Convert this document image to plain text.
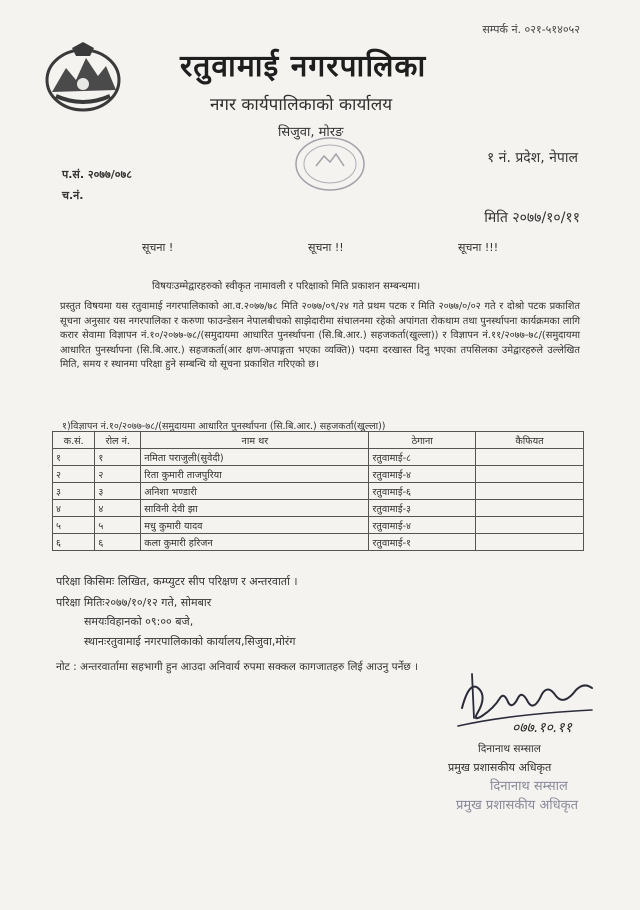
सम्पर्क नं. ०२१-५१४०५२
रतुवामाई नगरपालिका
नगर कार्यपालिकाको कार्यालय
सिजुवा, मोरङ
१ नं. प्रदेश, नेपाल
प.सं. २०७७/०७८
च.नं.
मिति २०७७/१०/११
सूचना !	सूचना !!	सूचना !!!
विषयःउम्मेद्वारहरुको स्वीकृत नामावली र परिक्षाको मिति प्रकाशन सम्बन्धमा।
प्रस्तुत विषयमा यस रतुवामाई नगरपालिकाको आ.व.२०७७/७८ मिति २०७७/०९/२४ गते प्रथम पटक र मिति २०७७/०/०२ गते र दोश्रो पटक प्रकाशित सूचना अनुसार यस नगरपालिका र करुणा फाउन्डेसन नेपालबीचको साझेदारीमा संचालनमा रहेको अपांगता रोकथाम तथा पुनर्स्थापना कार्यक्रमका लागि करार सेवामा विज्ञापन नं.१०/२०७७-७८/(समुदायमा आधारित पुनर्स्थापना (सि.बि.आर.) सहजकर्ता(खुल्ला)) र विज्ञापन नं.११/२०७७-७८/(समुदायमा आधारित पुनर्स्थापना (सि.बि.आर.) सहजकर्ता(आर क्षण-अपाङ्गता भएका व्यक्ति)) पदमा दरखास्त दिनु भएका तपसिलका उमेद्वारहरुले उल्लेखित मिति, समय र स्थानमा परिक्षा हुने सम्बन्धि यो सूचना प्रकाशित गरिएको छ।
१)विज्ञापन नं.१०/२०७७-७८/(समुदायमा आधारित पुनर्स्थापना (सि.बि.आर.) सहजकर्ता(खुल्ला))
क.सं.	रोल नं.	नाम थर	ठेगाना	कैफियत
१	१	नमिता पराजुली(सुवेदी)	रतुवामाई-८	
२	२	रिता कुमारी ताजपुरिया	रतुवामाई-४	
३	३	अनिशा भण्डारी	रतुवामाई-६	
४	४	साविनी देवी झा	रतुवामाई-३	
५	५	मधु कुमारी यादव	रतुवामाई-४	
६	६	कला कुमारी हरिजन	रतुवामाई-१	
परिक्षा किसिमः लिखित, कम्प्युटर सीप परिक्षण र अन्तरवार्ता ।
परिक्षा मितिः२०७७/१०/१२ गते, सोमबार
समयःविहानको ०९:०० बजे,
स्थानःरतुवामाई नगरपालिकाको कार्यालय,सिजुवा,मोरंग
नोट : अन्तरवार्तामा सहभागी हुन आउदा अनिवार्य रुपमा सक्कल कागजातहरु लिई आउनु पर्नेछ ।
०७७.१०.११
दिनानाथ सम्साल
प्रमुख प्रशासकीय अधिकृत
दिनानाथ सम्साल
प्रमुख प्रशासकीय अधिकृत
